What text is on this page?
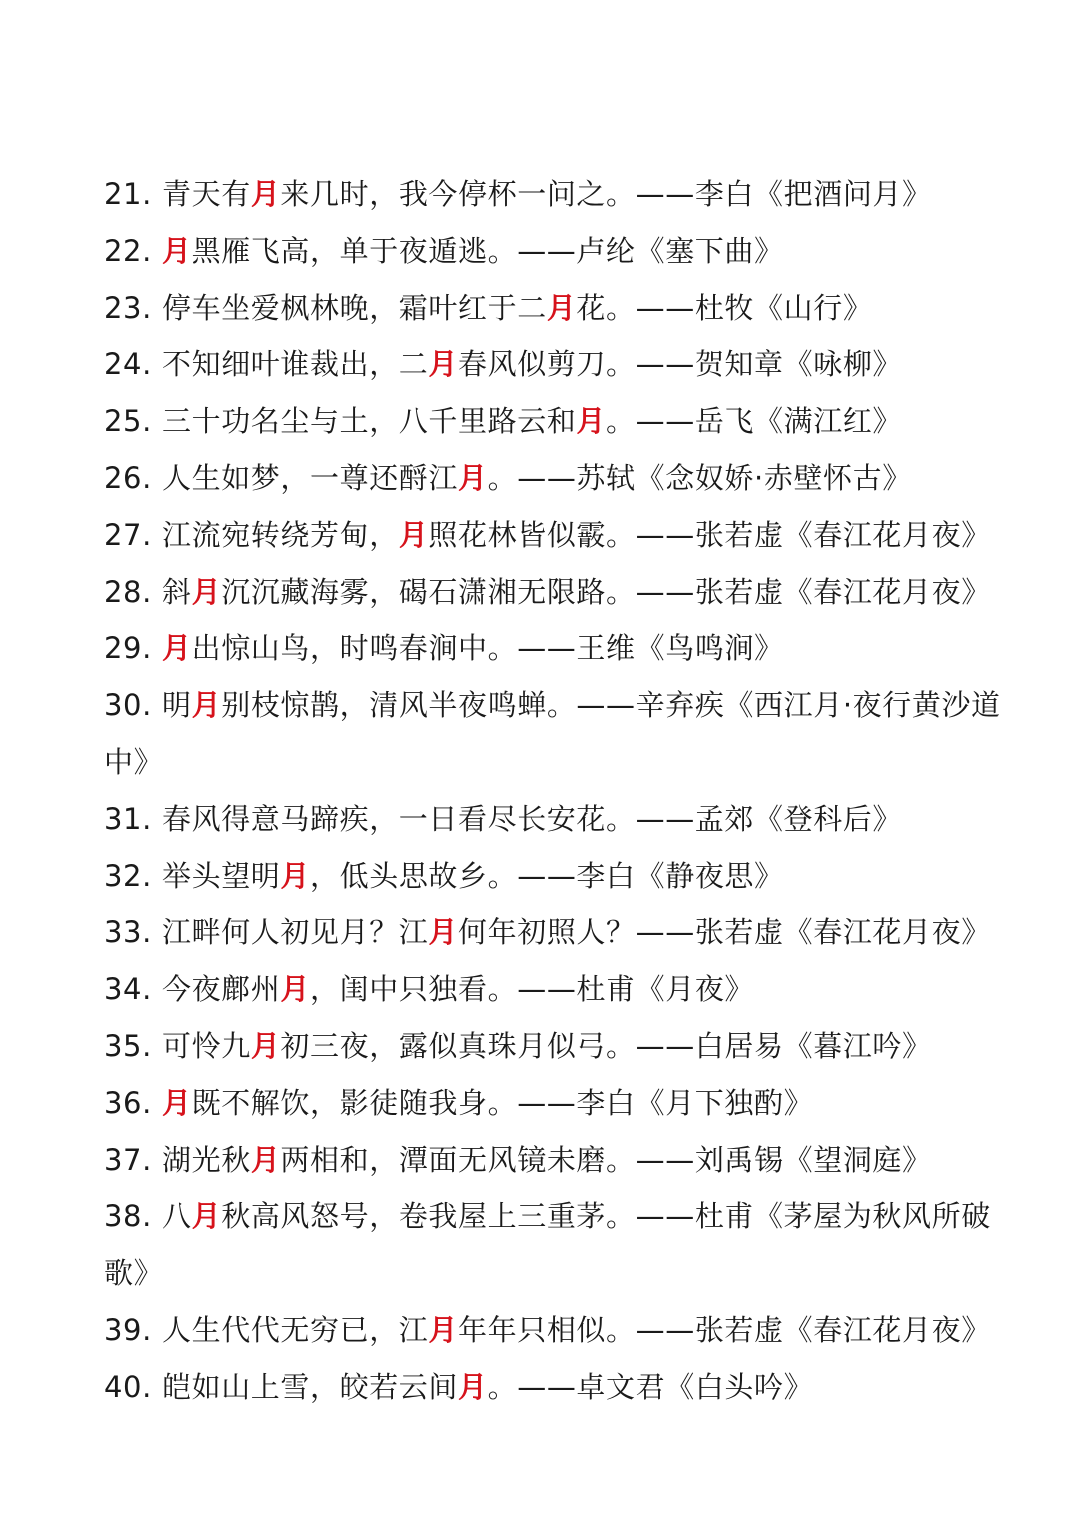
21. 青天有月来几时，我今停杯一问之。——李白《把酒问月》
22. 月黑雁飞高，单于夜遁逃。——卢纶《塞下曲》
23. 停车坐爱枫林晚，霜叶红于二月花。——杜牧《山行》
24. 不知细叶谁裁出，二月春风似剪刀。——贺知章《咏柳》
25. 三十功名尘与土，八千里路云和月。——岳飞《满江红》
26. 人生如梦，一尊还酹江月。——苏轼《念奴娇·赤壁怀古》
27. 江流宛转绕芳甸，月照花林皆似霰。——张若虚《春江花月夜》
28. 斜月沉沉藏海雾，碣石潇湘无限路。——张若虚《春江花月夜》
29. 月出惊山鸟，时鸣春涧中。——王维《鸟鸣涧》
30. 明月别枝惊鹊，清风半夜鸣蝉。——辛弃疾《西江月·夜行黄沙道
中》
31. 春风得意马蹄疾，一日看尽长安花。——孟郊《登科后》
32. 举头望明月，低头思故乡。——李白《静夜思》
33. 江畔何人初见月？江月何年初照人？——张若虚《春江花月夜》
34. 今夜鄜州月，闺中只独看。——杜甫《月夜》
35. 可怜九月初三夜，露似真珠月似弓。——白居易《暮江吟》
36. 月既不解饮，影徒随我身。——李白《月下独酌》
37. 湖光秋月两相和，潭面无风镜未磨。——刘禹锡《望洞庭》
38. 八月秋高风怒号，卷我屋上三重茅。——杜甫《茅屋为秋风所破
歌》
39. 人生代代无穷已，江月年年只相似。——张若虚《春江花月夜》
40. 皑如山上雪，皎若云间月。——卓文君《白头吟》
